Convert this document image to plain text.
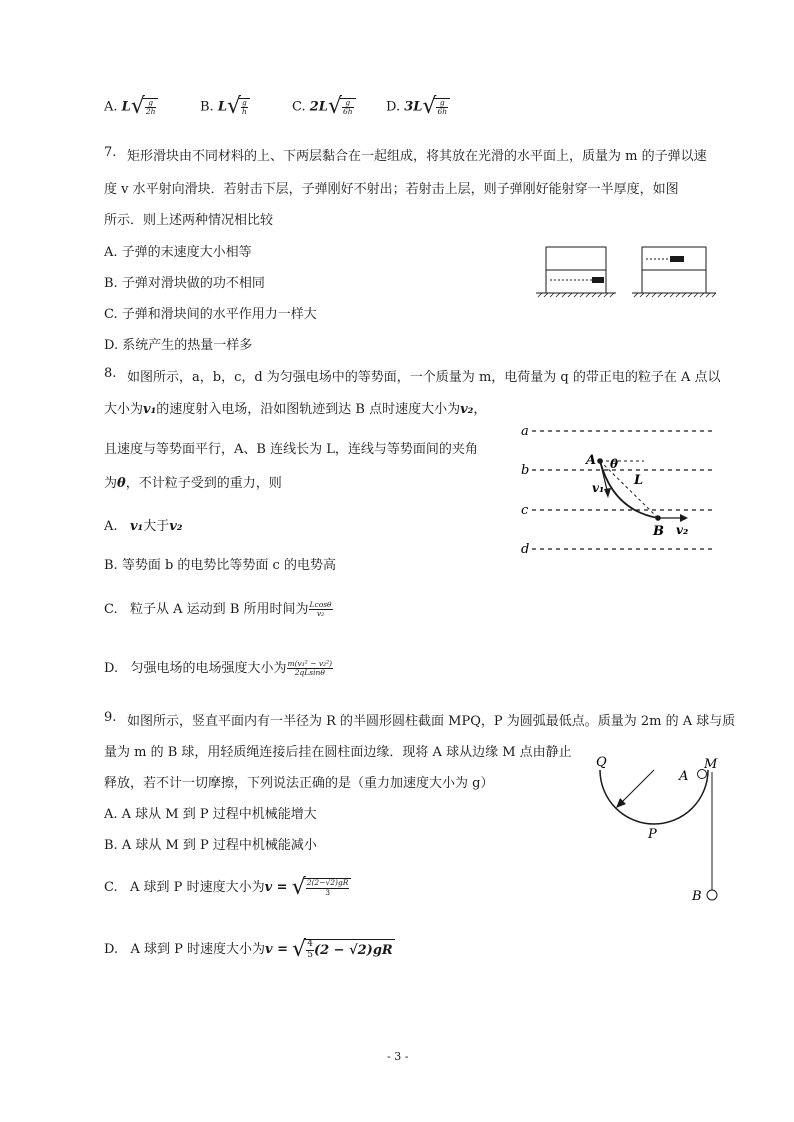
A. $L√ \frac{g}{2h}$	B. $L√ \frac{g}{h}$	C. $2L√ \frac{g}{6h} D$. $3L√ \frac{g}{6h}$
7. 矩形滑块由不同材料的上、下两层黏合在一起组成，将其放在光滑的水平面上，质量为 m 的子弹以速
度 v 水平射向滑块．若射击下层，子弹刚好不射出；若射击上层，则子弹刚好能射穿一半厚度，如图
所示．则上述两种情况相比较
A. 子弹的末速度大小相等
B. 子弹对滑块做的功不相同
C. 子弹和滑块间的水平作用力一样大
D. 系统产生的热量一样多
8. 如图所示，a，b，c，d 为匀强电场中的等势面，一个质量为 m，电荷量为 q 的带正电的粒子在 A 点以
大小为v₁的速度射入电场，沿如图轨迹到达 B 点时速度大小为v₂，
且速度与等势面平行，A、B 连线长为 L，连线与等势面间的夹角
为θ，不计粒子受到的重力，则
A. v₁大于v₂
B. 等势面 b 的电势比等势面 c 的电势高
C. 粒子从 A 运动到 B 所用时间为 $\frac{Lcos\theta}{\text{v₂}}$
D. 匀强电场的电场强度大小为 $\frac{\text{m(v₁² − v₂²)}}{2qLsin\theta}$
a
b
c
d
A θ
v₁ L
B v₂
9. 如图所示，竖直平面内有一半径为 R 的半圆形圆柱截面 MPQ，P 为圆弧最低点。质量为 2m 的 A 球与质
量为 m 的 B 球，用轻质绳连接后挂在圆柱面边缘．现将 A 球从边缘 M 点由静止
释放，若不计一切摩擦，下列说法正确的是（重力加速度大小为 g）
A. A 球从 M 到 P 过程中机械能增大
B. A 球从 M 到 P 过程中机械能减小
C. A 球到 P 时速度大小为v = √ $\frac{2(2-√2)gR}{3}$
D. A 球到 P 时速度大小为v = √ $\frac{4}{5} (2 - √2)gR$
Q
A
M
P
B
- 3 -
